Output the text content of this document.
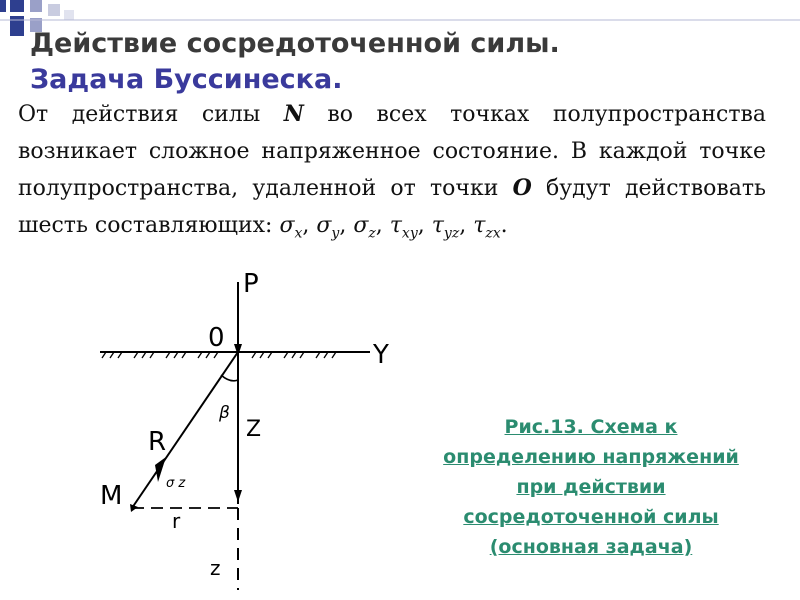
Действие сосредоточенной силы.
Задача Буссинеска.

От действия силы N во всех точках полупространства возникает сложное напряженное состояние. В каждой точке полупространства, удаленной от точки O будут действовать шесть составляющих: $\sigma_x$, $\sigma_y$, $\sigma_z$, $\tau_{xy}$, $\tau_{yz}$, $\tau_{zx}$.

P
0
Y
β
Z
R
σ z
M
r
z

Рис.13. Схема к определению напряжений при действии сосредоточенной силы (основная задача)
